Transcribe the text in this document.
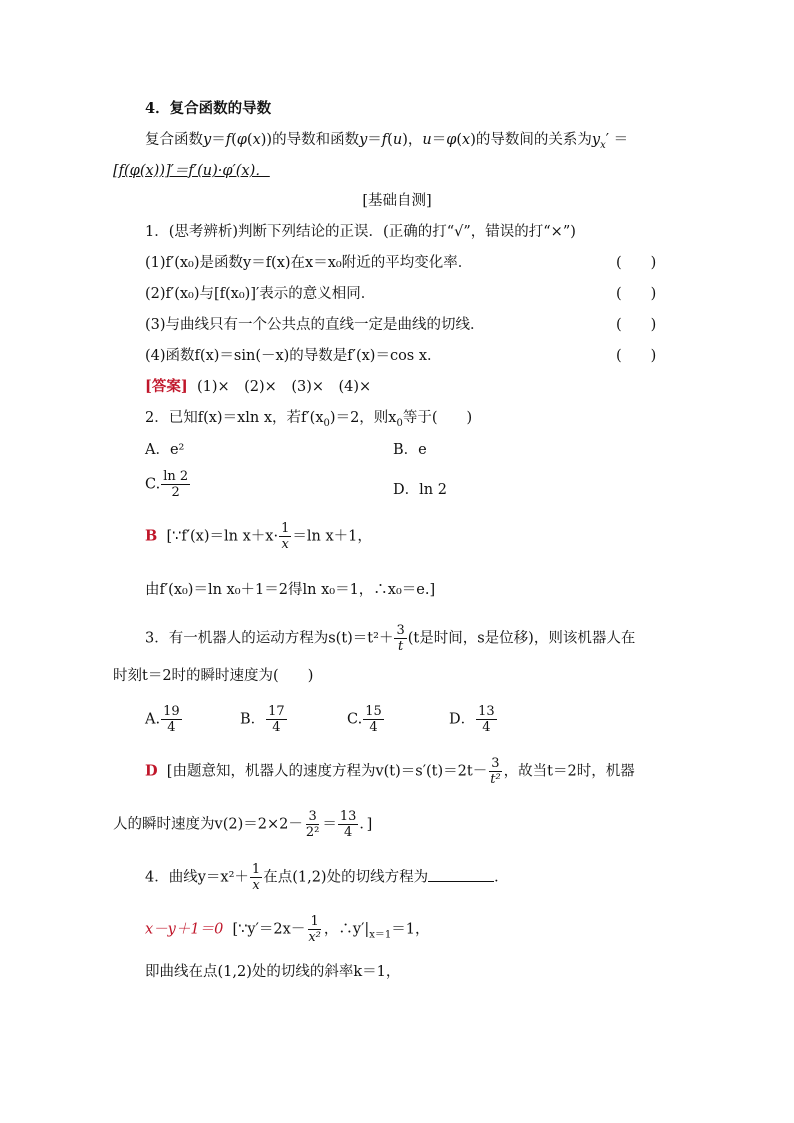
4．复合函数的导数
复合函数y＝f(φ(x))的导数和函数y＝f(u)，u＝φ(x)的导数间的关系为$y_x'$ ＝
[f(φ(x))]′＝f′(u)·φ′(x)．
[基础自测]
1．(思考辨析)判断下列结论的正误．(正确的打“√”，错误的打“×”)
(1)f′(x₀)是函数y＝f(x)在x＝x₀附近的平均变化率．	(　　)
(2)f′(x₀)与[f(x₀)]′表示的意义相同．	(　　)
(3)与曲线只有一个公共点的直线一定是曲线的切线．	(　　)
(4)函数f(x)＝sin(－x)的导数是f′(x)＝cos x．	(　　)
[答案] (1)×　(2)×　(3)×　(4)×
2．已知f(x)＝xln x，若$f'(x_0)=2$，则$x_0$等于(　　)
A．e²	B．e
C. $\frac{\ln 2}{2}$	D．ln 2
B [∵f′(x)＝ln $x+x\cdot \frac{1}{x} =\ln$ x＋1，
由f′(x₀)＝ln x₀＋1＝2得ln x₀＝1，∴x₀＝e.]
3．有一机器人的运动方程为$s(t)=t^2+ \frac{3}{t} (t$是时间，s是位移)，则该机器人在
时刻t＝2时的瞬时速度为(　　)
A. $\frac{19}{4}$	B． $\frac{17}{4}$	C. $\frac{15}{4}$	D． $\frac{13}{4}$
D [由题意知，机器人的速度方程为$v(t)=s'(t)=2t- \frac{3}{\text{t²}}$ ，故当t＝2时，机器
人的瞬时速度为$v(2)=2\times 2- \frac{3}{\text{2²}} = \frac{13}{4}$ ．]
4．曲线$y=x^2+ \frac{1}{x}$ 在点(1,2)处的切线方程为	．
x－y＋1＝0 [∵y′＝2x－ $\frac{1}{\text{x²}}$ ，$\therefore y'|_{x=1}=1$，
即曲线在点(1,2)处的切线的斜率k＝1，
